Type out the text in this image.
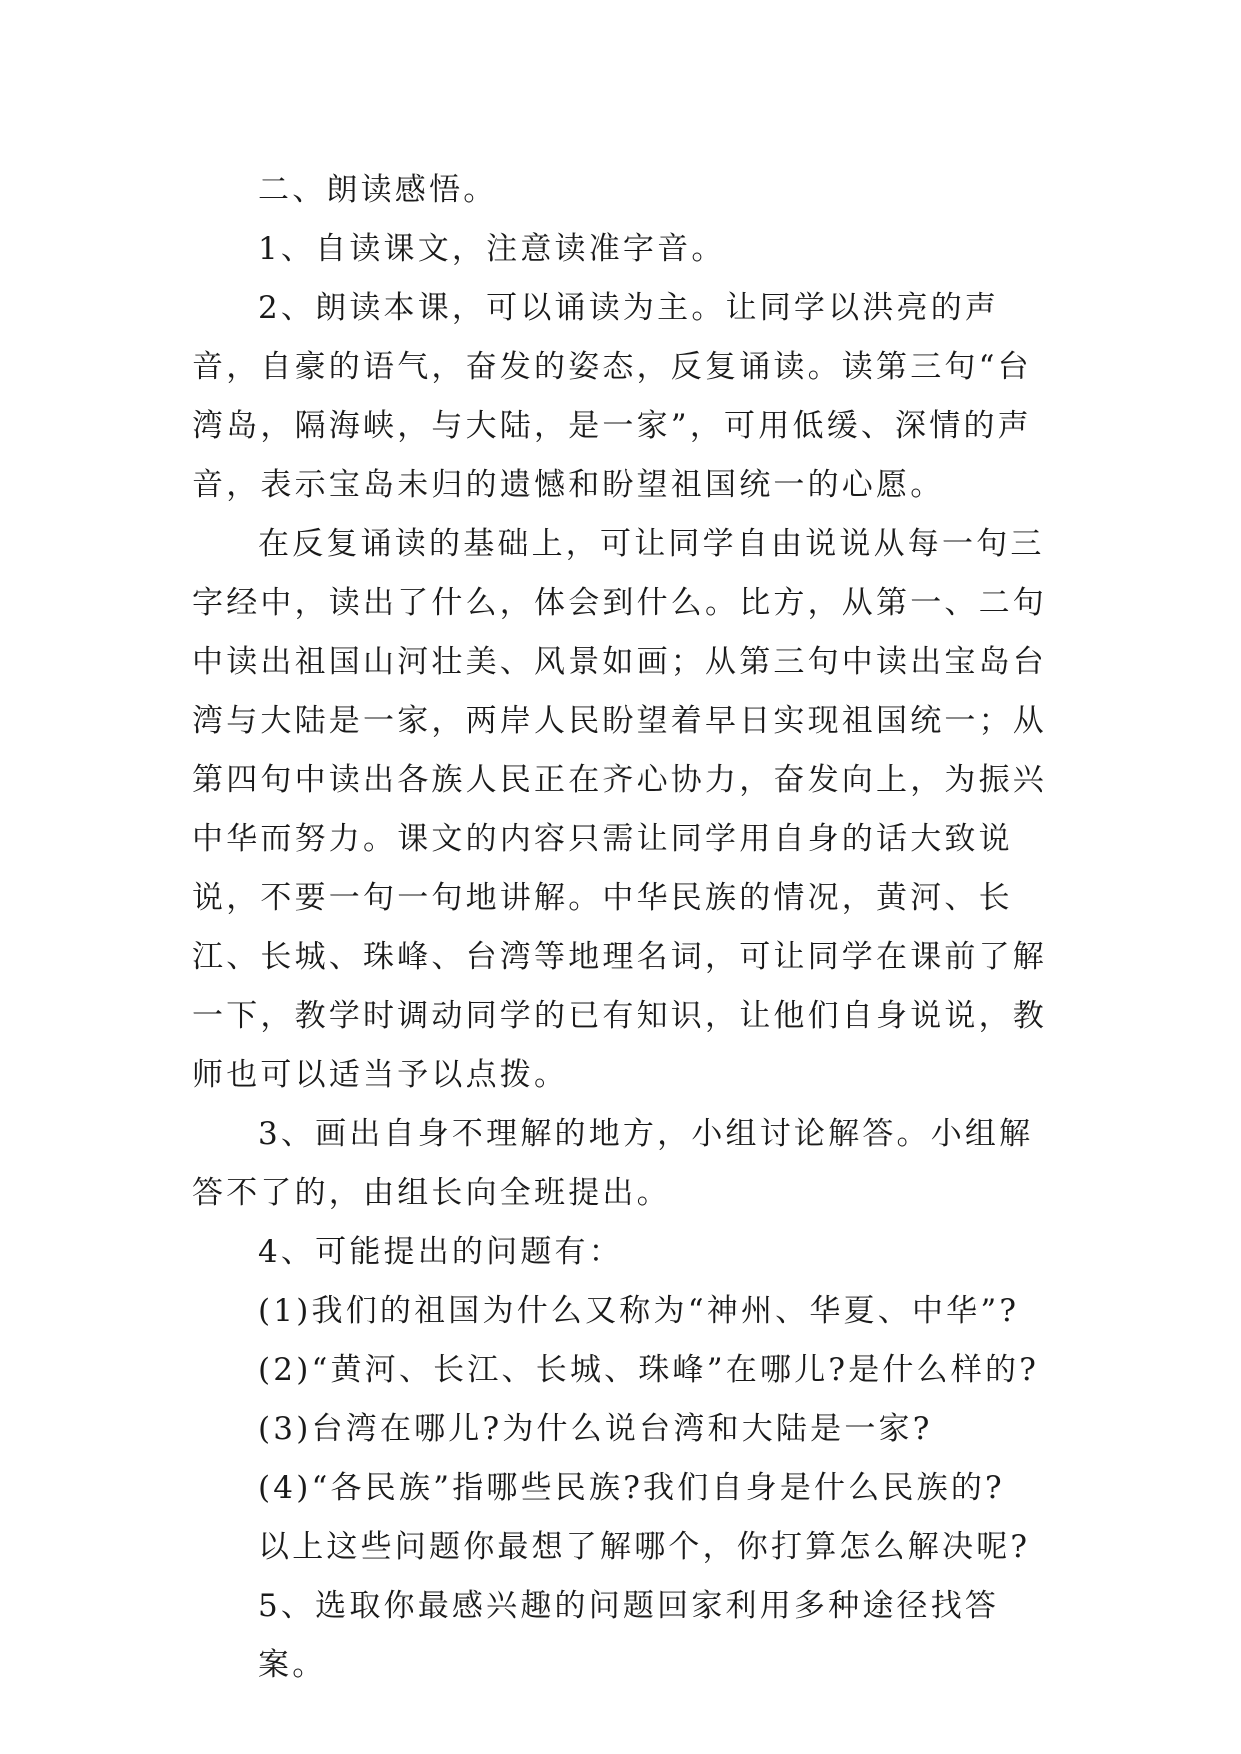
二、朗读感悟。

1、自读课文，注意读准字音。

2、朗读本课，可以诵读为主。让同学以洪亮的声音，自豪的语气，奋发的姿态，反复诵读。读第三句“台湾岛，隔海峡，与大陆，是一家”，可用低缓、深情的声音，表示宝岛未归的遗憾和盼望祖国统一的心愿。

在反复诵读的基础上，可让同学自由说说从每一句三字经中，读出了什么，体会到什么。比方，从第一、二句中读出祖国山河壮美、风景如画；从第三句中读出宝岛台湾与大陆是一家，两岸人民盼望着早日实现祖国统一；从第四句中读出各族人民正在齐心协力，奋发向上，为振兴中华而努力。课文的内容只需让同学用自身的话大致说说，不要一句一句地讲解。中华民族的情况，黄河、长江、长城、珠峰、台湾等地理名词，可让同学在课前了解一下，教学时调动同学的已有知识，让他们自身说说，教师也可以适当予以点拨。

3、画出自身不理解的地方，小组讨论解答。小组解答不了的，由组长向全班提出。

4、可能提出的问题有：

(1)我们的祖国为什么又称为“神州、华夏、中华”?

(2)“黄河、长江、长城、珠峰”在哪儿?是什么样的?

(3)台湾在哪儿?为什么说台湾和大陆是一家?

(4)“各民族”指哪些民族?我们自身是什么民族的?

以上这些问题你最想了解哪个，你打算怎么解决呢?

5、选取你最感兴趣的问题回家利用多种途径找答案。
